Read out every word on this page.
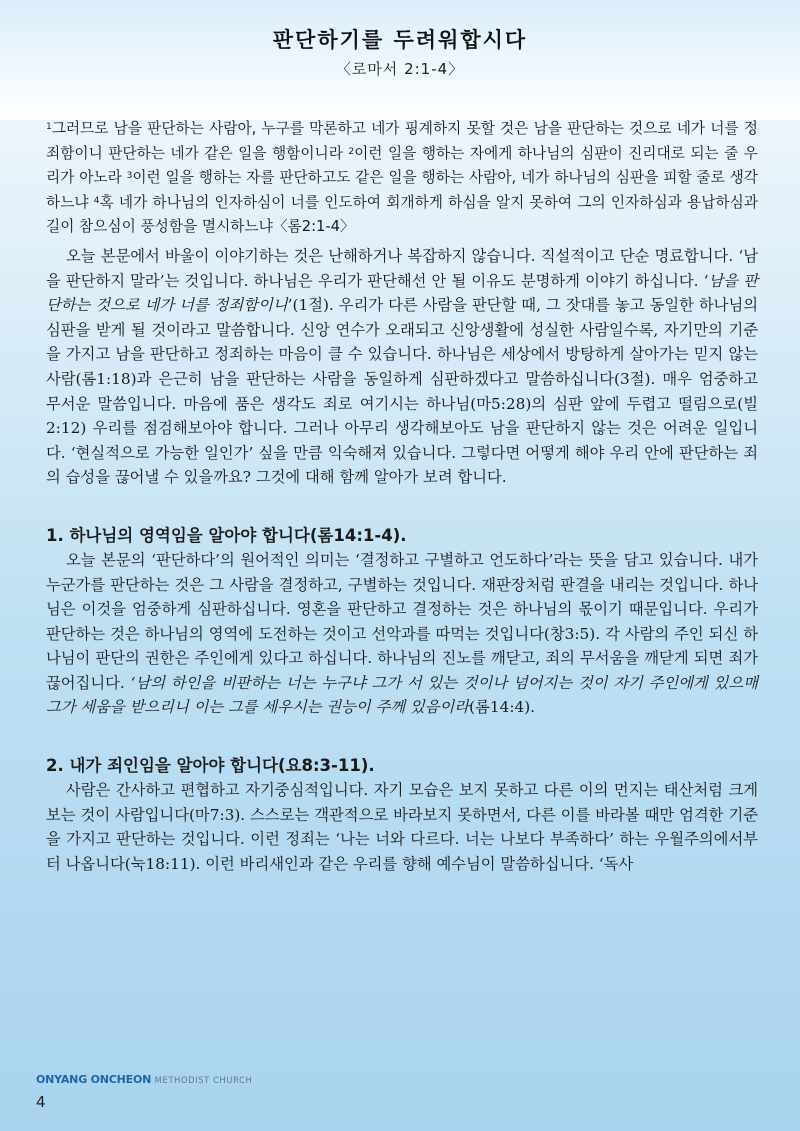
판단하기를 두려워합시다
〈로마서 2:1-4〉

$^1$그러므로 남을 판단하는 사람아, 누구를 막론하고 네가 핑계하지 못할 것은 남을 판단하는 것으로 네가 너를 정죄함이니 판단하는 네가 같은 일을 행함이니라 $^2$이런 일을 행하는 자에게 하나님의 심판이 진리대로 되는 줄 우리가 아노라 $^3$이런 일을 행하는 자를 판단하고도 같은 일을 행하는 사람아, 네가 하나님의 심판을 피할 줄로 생각하느냐 $^4$혹 네가 하나님의 인자하심이 너를 인도하여 회개하게 하심을 알지 못하여 그의 인자하심과 용납하심과 길이 참으심이 풍성함을 멸시하느냐〈롬2:1-4〉

오늘 본문에서 바울이 이야기하는 것은 난해하거나 복잡하지 않습니다. 직설적이고 단순 명료합니다. ‘남을 판단하지 말라’는 것입니다. 하나님은 우리가 판단해선 안 될 이유도 분명하게 이야기 하십니다. ‘남을 판단하는 것으로 네가 너를 정죄함이니’(1절). 우리가 다른 사람을 판단할 때, 그 잣대를 놓고 동일한 하나님의 심판을 받게 될 것이라고 말씀합니다. 신앙 연수가 오래되고 신앙생활에 성실한 사람일수록, 자기만의 기준을 가지고 남을 판단하고 정죄하는 마음이 클 수 있습니다. 하나님은 세상에서 방탕하게 살아가는 믿지 않는 사람(롬1:18)과 은근히 남을 판단하는 사람을 동일하게 심판하겠다고 말씀하십니다(3절). 매우 엄중하고 무서운 말씀입니다. 마음에 품은 생각도 죄로 여기시는 하나님(마5:28)의 심판 앞에 두렵고 떨림으로(빌2:12) 우리를 점검해보아야 합니다. 그러나 아무리 생각해보아도 남을 판단하지 않는 것은 어려운 일입니다. ‘현실적으로 가능한 일인가’ 싶을 만큼 익숙해져 있습니다. 그렇다면 어떻게 해야 우리 안에 판단하는 죄의 습성을 끊어낼 수 있을까요? 그것에 대해 함께 알아가 보려 합니다.

1. 하나님의 영역임을 알아야 합니다(롬14:1-4).

오늘 본문의 ‘판단하다’의 원어적인 의미는 ‘결정하고 구별하고 언도하다’라는 뜻을 담고 있습니다. 내가 누군가를 판단하는 것은 그 사람을 결정하고, 구별하는 것입니다. 재판장처럼 판결을 내리는 것입니다. 하나님은 이것을 엄중하게 심판하십니다. 영혼을 판단하고 결정하는 것은 하나님의 몫이기 때문입니다. 우리가 판단하는 것은 하나님의 영역에 도전하는 것이고 선악과를 따먹는 것입니다(창3:5). 각 사람의 주인 되신 하나님이 판단의 권한은 주인에게 있다고 하십니다. 하나님의 진노를 깨닫고, 죄의 무서움을 깨닫게 되면 죄가 끊어집니다. ‘남의 하인을 비판하는 너는 누구냐 그가 서 있는 것이나 넘어지는 것이 자기 주인에게 있으매 그가 세움을 받으리니 이는 그를 세우시는 권능이 주께 있음이라(롬14:4).

2. 내가 죄인임을 알아야 합니다(요8:3-11).

사람은 간사하고 편협하고 자기중심적입니다. 자기 모습은 보지 못하고 다른 이의 먼지는 태산처럼 크게 보는 것이 사람입니다(마7:3). 스스로는 객관적으로 바라보지 못하면서, 다른 이를 바라볼 때만 엄격한 기준을 가지고 판단하는 것입니다. 이런 정죄는 ‘나는 너와 다르다. 너는 나보다 부족하다’ 하는 우월주의에서부터 나옵니다(눅18:11). 이런 바리새인과 같은 우리를 향해 예수님이 말씀하십니다. ‘독사

ONYANG ONCHEON METHODIST CHURCH
4
